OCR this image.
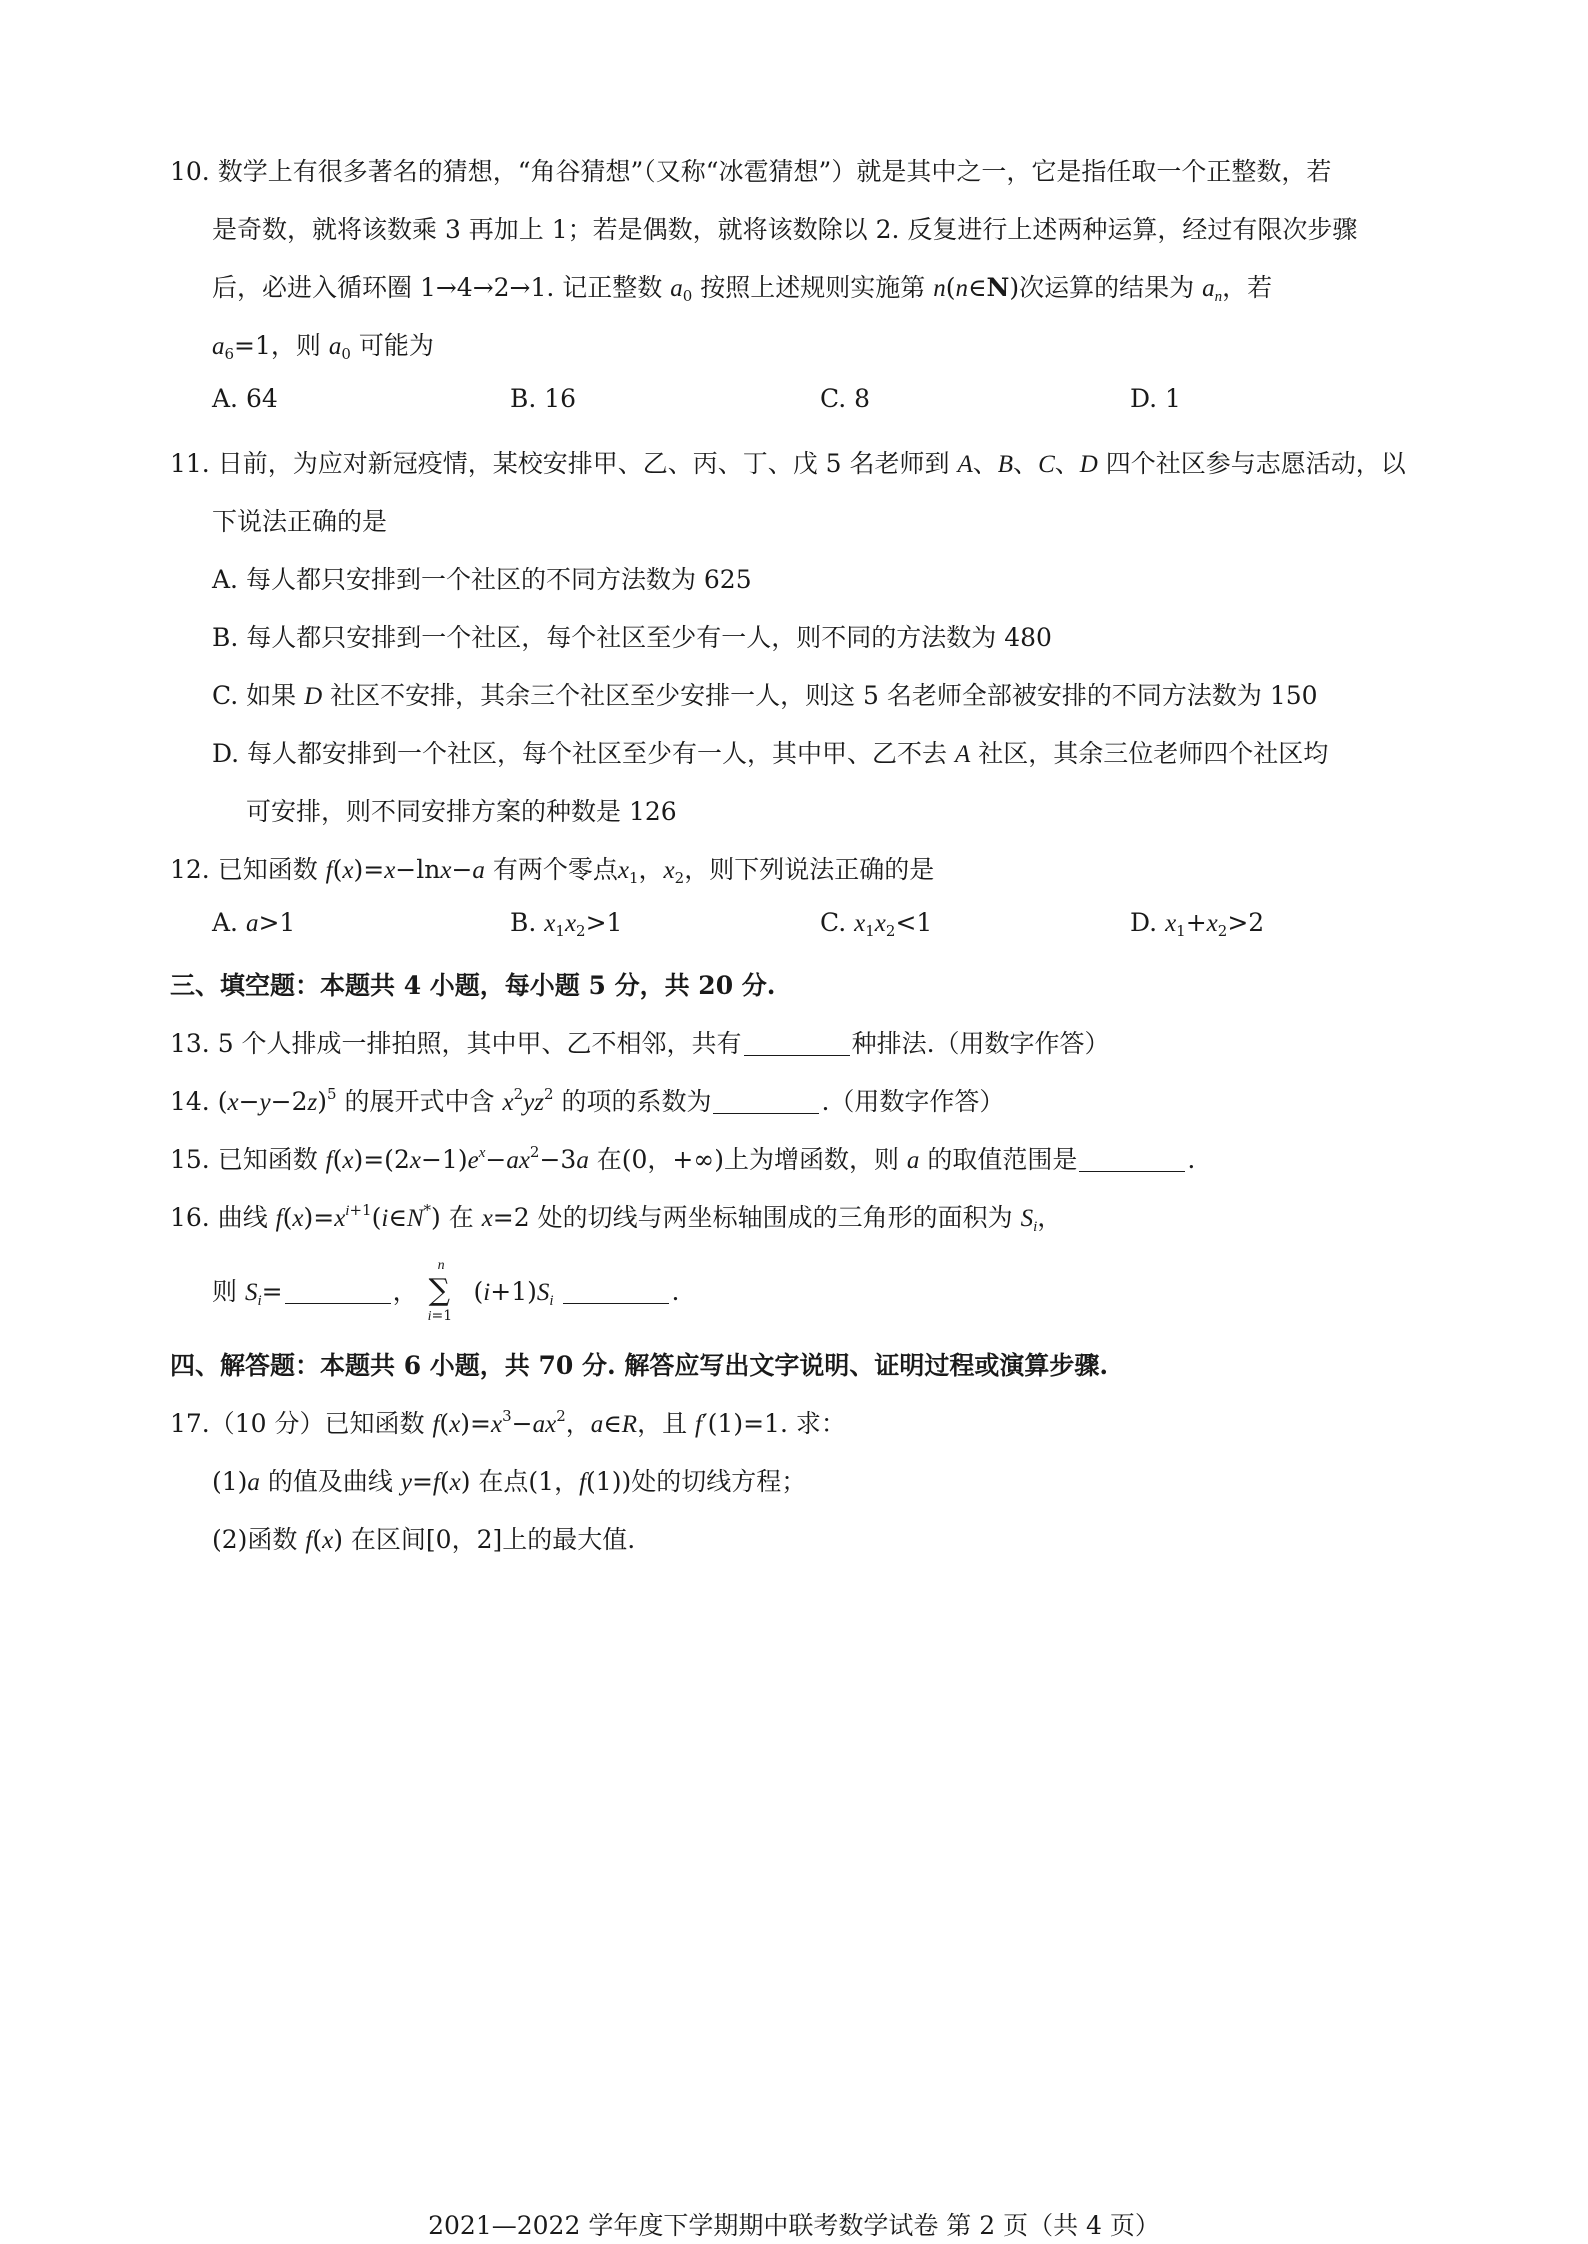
10. 数学上有很多著名的猜想，“角谷猜想”（又称“冰雹猜想”）就是其中之一，它是指任取一个正整数，若
是奇数，就将该数乘 3 再加上 1；若是偶数，就将该数除以 2. 反复进行上述两种运算，经过有限次步骤
后，必进入循环圈 1→4→2→1. 记正整数 $a_0$ 按照上述规则实施第 n(n∈N)次运算的结果为 $a_n$，若
$a_6=1$，则 $a_0$ 可能为
A. 64	B. 16	C. 8	D. 1
11. 日前，为应对新冠疫情，某校安排甲、乙、丙、丁、戊 5 名老师到 A、B、C、D 四个社区参与志愿活动，以
下说法正确的是
A. 每人都只安排到一个社区的不同方法数为 625
B. 每人都只安排到一个社区，每个社区至少有一人，则不同的方法数为 480
C. 如果 D 社区不安排，其余三个社区至少安排一人，则这 5 名老师全部被安排的不同方法数为 150
D. 每人都安排到一个社区，每个社区至少有一人，其中甲、乙不去 A 社区，其余三位老师四个社区均
可安排，则不同安排方案的种数是 126
12. 已知函数 f(x)=x−lnx−a 有两个零点$x_1$，$x_2$，则下列说法正确的是
A. a>1	B. $x_1x_2>1$	C. $x_1x_2<1$	D. $x_1+x_2>2$
三、填空题：本题共 4 小题，每小题 5 分，共 20 分.
13. 5 个人排成一排拍照，其中甲、乙不相邻，共有	种排法.（用数字作答）
14. $(x-y-2z)^5$ 的展开式中含 $x^2yz^2$ 的项的系数为	.（用数字作答）
15. 已知函数 $f(x)=(2x-1)e^x-ax^2-3a$ 在(0，+∞)上为增函数，则 a 的取值范围是	.
16. 曲线 $f(x)=x^{i+1}(i\in N^*)$ 在 x=2 处的切线与两坐标轴围成的三角形的面积为 $S_i$，
则 $S_i=$	，
n
∑
i=1
$(i+1)S_i$	.
四、解答题：本题共 6 小题，共 70 分. 解答应写出文字说明、证明过程或演算步骤.
17.（10 分）已知函数 $f(x)=x^3-ax^2$，a∈R，且 f′(1)=1. 求：
(1)a 的值及曲线 y=f(x) 在点(1，f(1))处的切线方程；
(2)函数 f(x) 在区间[0，2]上的最大值.
2021—2022 学年度下学期期中联考数学试卷 第 2 页（共 4 页）
